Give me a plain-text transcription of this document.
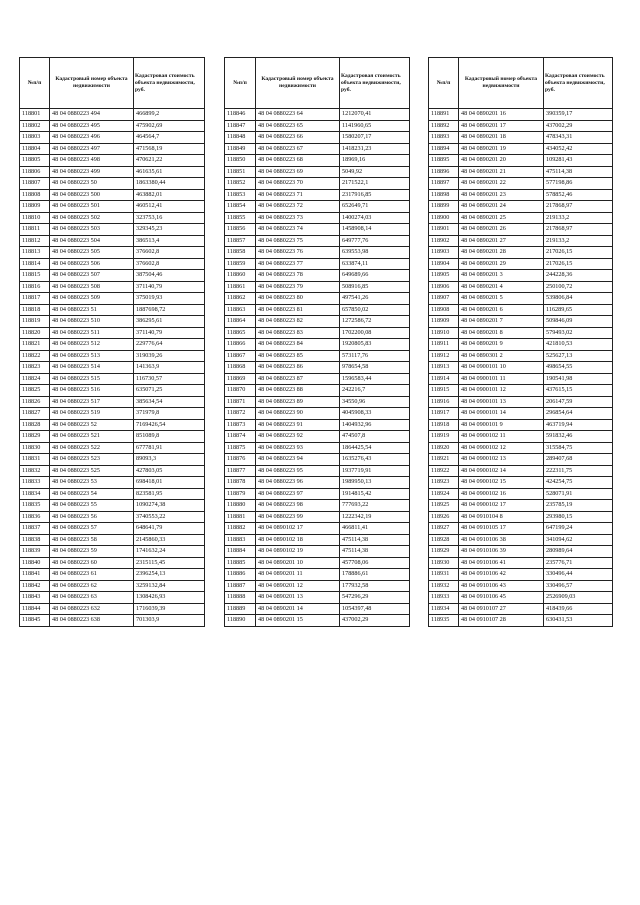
№п/п	Кадастровый номер объекта недвижимости	Кадастровая стоимость объекта недвижимости, руб.
118801	48 04 0880223 494	466899,2
118802	48 04 0880223 495	475902,69
118803	48 04 0880223 496	464564,7
118804	48 04 0880223 497	471568,19
118805	48 04 0880223 498	470621,22
118806	48 04 0880223 499	461635,61
118807	48 04 0880223 50	1863380,44
118808	48 04 0880223 500	463882,01
118809	48 04 0880223 501	460512,41
118810	48 04 0880223 502	323753,16
118811	48 04 0880223 503	329345,23
118812	48 04 0880223 504	386513,4
118813	48 04 0880223 505	376602,8
118814	48 04 0880223 506	376602,8
118815	48 04 0880223 507	387504,46
118816	48 04 0880223 508	371140,79
118817	48 04 0880223 509	375019,93
118818	48 04 0880223 51	1887698,72
118819	48 04 0880223 510	386295,61
118820	48 04 0880223 511	371140,79
118821	48 04 0880223 512	229776,64
118822	48 04 0880223 513	319039,26
118823	48 04 0880223 514	141363,9
118824	48 04 0880223 515	116730,57
118825	48 04 0880223 516	635071,25
118826	48 04 0880223 517	385634,54
118827	48 04 0880223 519	371979,8
118828	48 04 0880223 52	7169426,54
118829	48 04 0880223 521	851089,8
118830	48 04 0880223 522	677781,91
118831	48 04 0880223 523	89093,3
118832	48 04 0880223 525	427803,05
118833	48 04 0880223 53	698418,01
118834	48 04 0880223 54	823581,95
118835	48 04 0880223 55	1090274,38
118836	48 04 0880223 56	3740553,22
118837	48 04 0880223 57	648641,79
118838	48 04 0880223 58	2145860,33
118839	48 04 0880223 59	1741632,24
118840	48 04 0880223 60	2315115,45
118841	48 04 0880223 61	2396254,13
118842	48 04 0880223 62	3259132,84
118843	48 04 0880223 63	1308426,93
118844	48 04 0880223 632	1716039,39
118845	48 04 0880223 638	701303,9
№п/п	Кадастровый номер объекта недвижимости	Кадастровая стоимость объекта недвижимости, руб.
118846	48 04 0880223 64	1212070,41
118847	48 04 0880223 65	1141960,65
118848	48 04 0880223 66	1580207,17
118849	48 04 0880223 67	1418231,23
118850	48 04 0880223 68	18969,16
118851	48 04 0880223 69	5049,92
118852	48 04 0880223 70	2171522,1
118853	48 04 0880223 71	2317916,85
118854	48 04 0880223 72	652649,71
118855	48 04 0880223 73	1400274,03
118856	48 04 0880223 74	1458908,14
118857	48 04 0880223 75	649777,76
118858	48 04 0880223 76	639553,98
118859	48 04 0880223 77	633874,11
118860	48 04 0880223 78	649689,66
118861	48 04 0880223 79	508916,85
118862	48 04 0880223 80	497541,26
118863	48 04 0880223 81	657850,02
118864	48 04 0880223 82	1272586,72
118865	48 04 0880223 83	1702200,08
118866	48 04 0880223 84	1920805,83
118867	48 04 0880223 85	573117,76
118868	48 04 0880223 86	978654,58
118869	48 04 0880223 87	1596583,44
118870	48 04 0880223 88	242216,7
118871	48 04 0880223 89	34550,96
118872	48 04 0880223 90	4045908,33
118873	48 04 0880223 91	1404932,96
118874	48 04 0880223 92	474507,8
118875	48 04 0880223 93	1864425,54
118876	48 04 0880223 94	1635276,43
118877	48 04 0880223 95	1937719,91
118878	48 04 0880223 96	1989950,13
118879	48 04 0880223 97	1914815,42
118880	48 04 0880223 98	777693,22
118881	48 04 0880223 99	1222342,19
118882	48 04 0890102 17	466811,41
118883	48 04 0890102 18	475114,38
118884	48 04 0890102 19	475114,38
118885	48 04 0890201 10	457708,06
118886	48 04 0890201 11	178886,61
118887	48 04 0890201 12	177932,58
118888	48 04 0890201 13	547296,29
118889	48 04 0890201 14	1054397,48
118890	48 04 0890201 15	437002,29
№п/п	Кадастровый номер объекта недвижимости	Кадастровая стоимость объекта недвижимости, руб.
118891	48 04 0890201 16	390359,17
118892	48 04 0890201 17	437002,29
118893	48 04 0890201 18	478343,31
118894	48 04 0890201 19	434052,42
118895	48 04 0890201 20	109281,43
118896	48 04 0890201 21	475114,38
118897	48 04 0890201 22	577198,86
118898	48 04 0890201 23	578852,46
118899	48 04 0890201 24	217868,97
118900	48 04 0890201 25	219133,2
118901	48 04 0890201 26	217868,97
118902	48 04 0890201 27	219133,2
118903	48 04 0890201 28	217026,15
118904	48 04 0890201 29	217026,15
118905	48 04 0890201 3	244228,36
118906	48 04 0890201 4	250100,72
118907	48 04 0890201 5	539806,84
118908	48 04 0890201 6	116289,65
118909	48 04 0890201 7	509846,09
118910	48 04 0890201 8	579493,02
118911	48 04 0890201 9	421810,53
118912	48 04 0890301 2	525627,13
118913	48 04 0900101 10	498654,55
118914	48 04 0900101 11	190541,98
118915	48 04 0900101 12	437615,15
118916	48 04 0900101 13	206147,59
118917	48 04 0900101 14	296854,64
118918	48 04 0900101 9	463719,94
118919	48 04 0900102 11	591832,46
118920	48 04 0900102 12	315584,75
118921	48 04 0900102 13	289407,68
118922	48 04 0900102 14	222311,75
118923	48 04 0900102 15	424254,75
118924	48 04 0900102 16	528071,91
118925	48 04 0900102 17	235785,19
118926	48 04 0910104 8	293980,15
118927	48 04 0910105 17	647199,24
118928	48 04 0910106 38	341094,62
118929	48 04 0910106 39	280989,64
118930	48 04 0910106 41	235776,71
118931	48 04 0910106 42	330496,44
118932	48 04 0910106 43	330496,57
118933	48 04 0910106 45	2526909,03
118934	48 04 0910107 27	418439,66
118935	48 04 0910107 28	630431,53
